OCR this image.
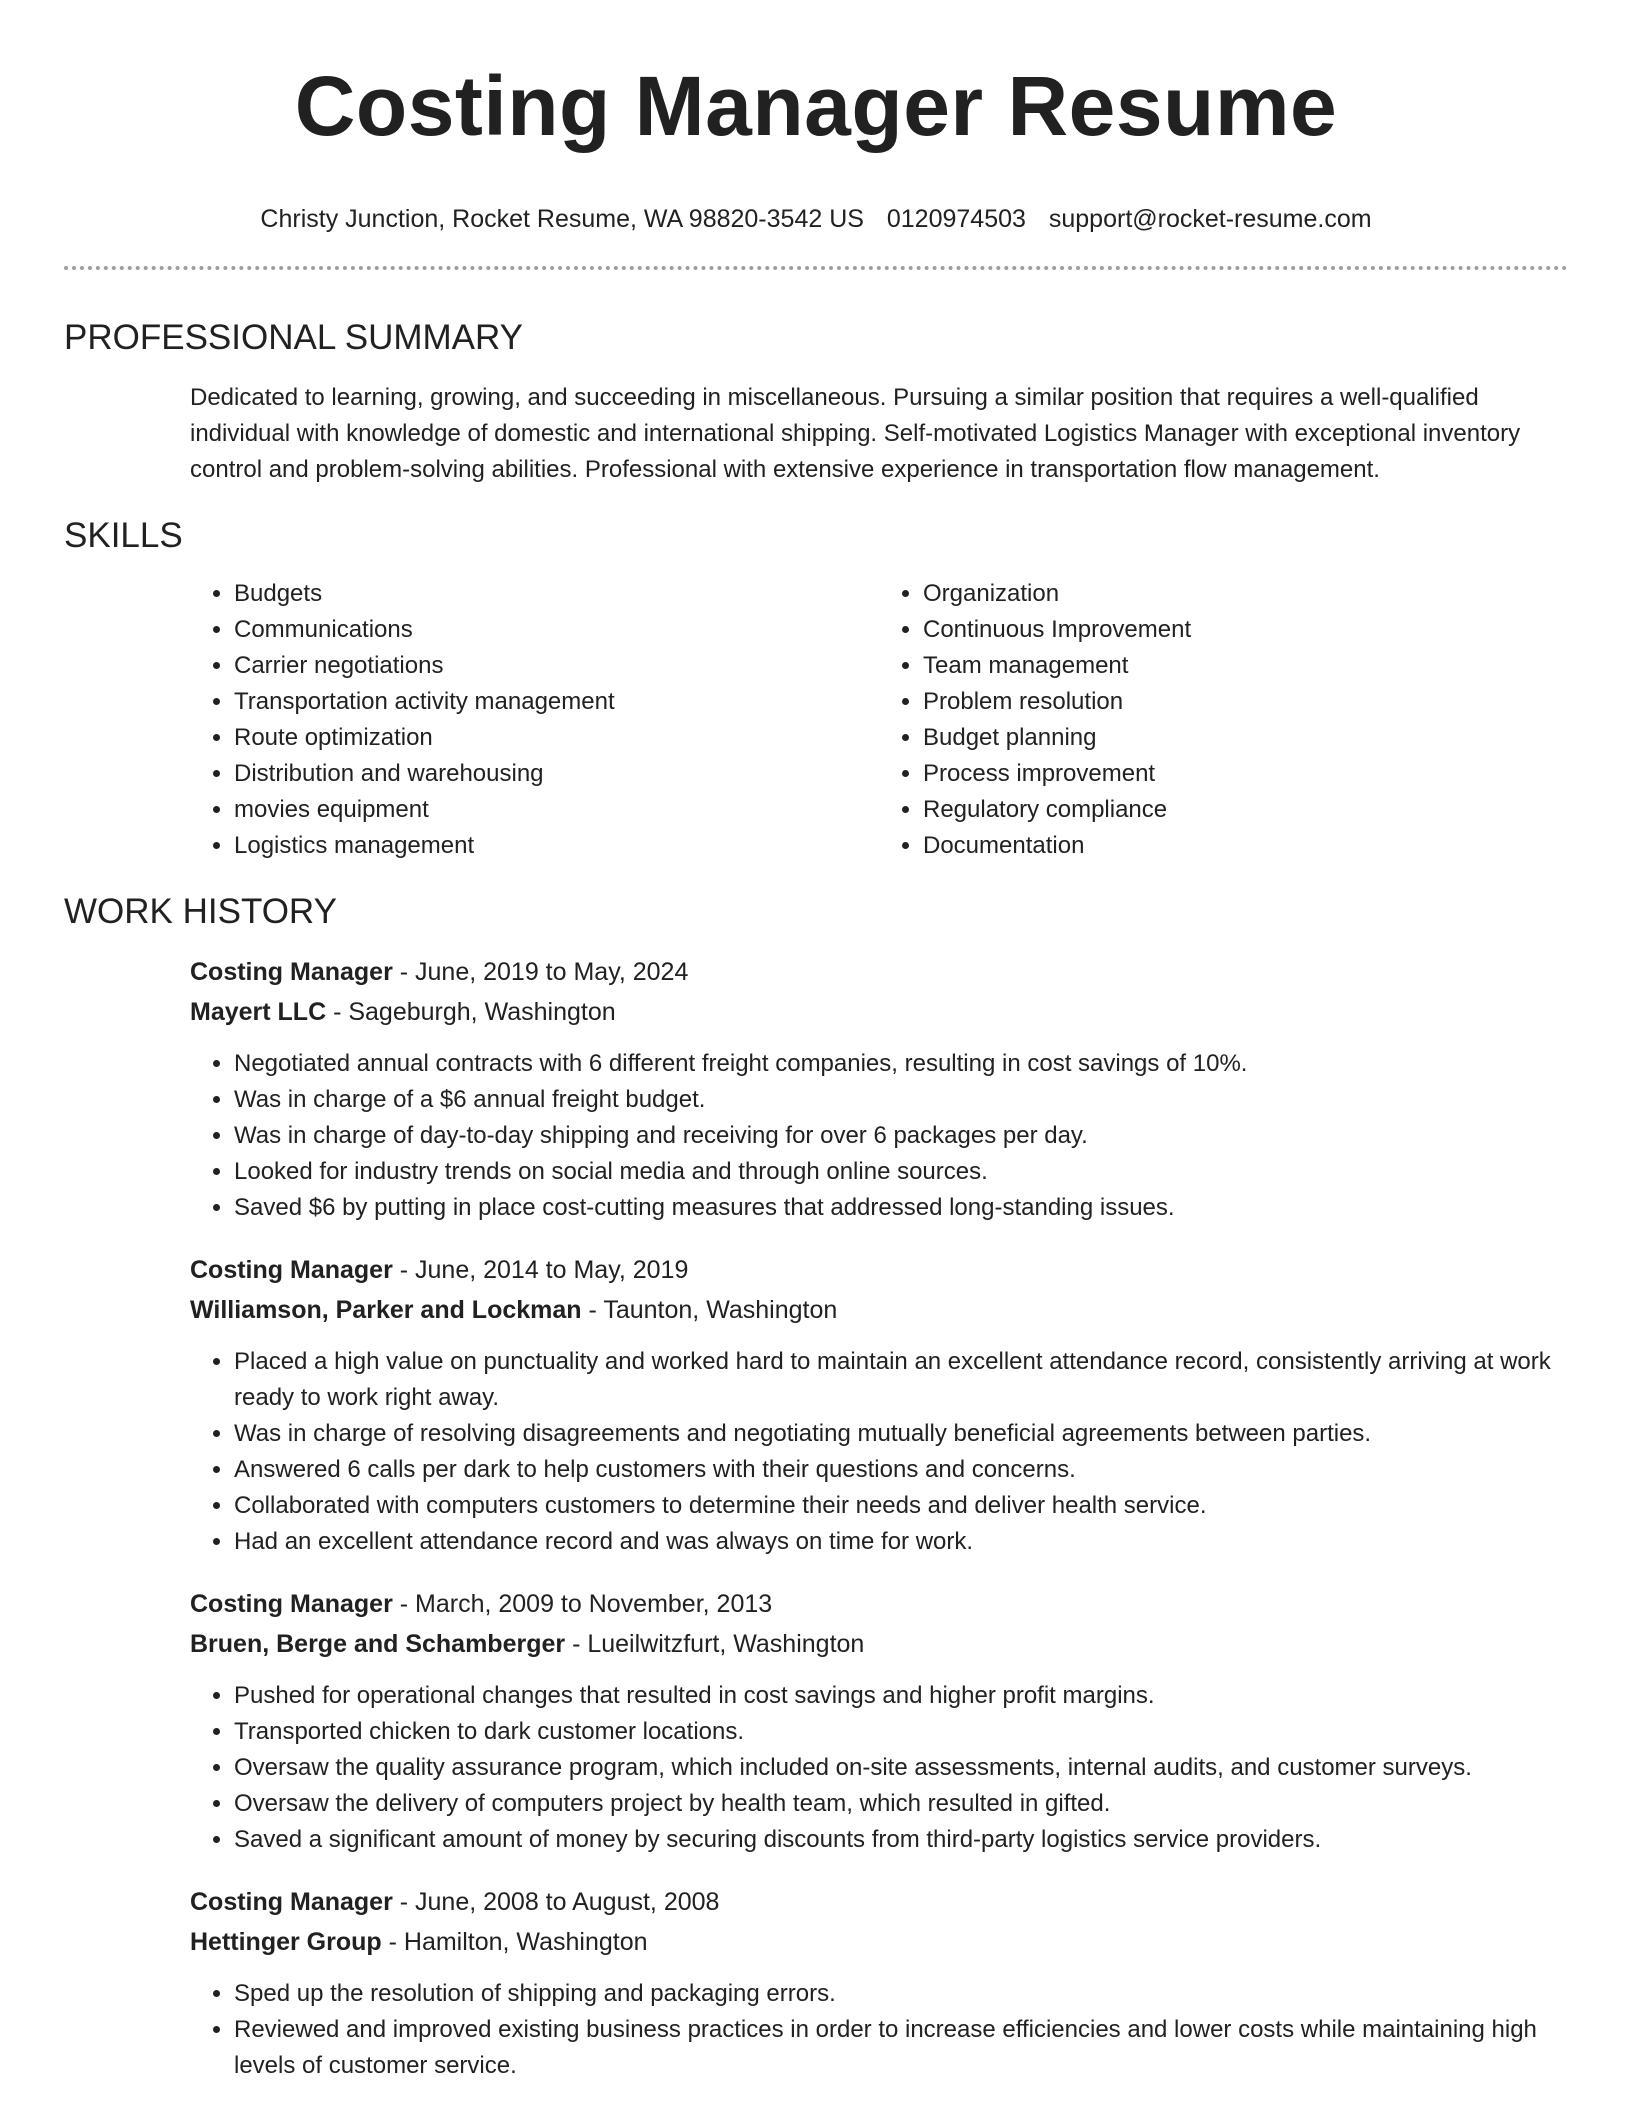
Costing Manager Resume
Christy Junction, Rocket Resume, WA 98820-3542 US 0120974503 support@rocket-resume.com
PROFESSIONAL SUMMARY

Dedicated to learning, growing, and succeeding in miscellaneous. Pursuing a similar position that requires a well-qualified individual with knowledge of domestic and international shipping. Self-motivated Logistics Manager with exceptional inventory control and problem-solving abilities. Professional with extensive experience in transportation flow management.

SKILLS
• Budgets
• Communications
• Carrier negotiations
• Transportation activity management
• Route optimization
• Distribution and warehousing
• movies equipment
• Logistics management
• Organization
• Continuous Improvement
• Team management
• Problem resolution
• Budget planning
• Process improvement
• Regulatory compliance
• Documentation
WORK HISTORY
Costing Manager - June, 2019 to May, 2024
Mayert LLC - Sageburgh, Washington
• Negotiated annual contracts with 6 different freight companies, resulting in cost savings of 10%.
• Was in charge of a $6 annual freight budget.
• Was in charge of day-to-day shipping and receiving for over 6 packages per day.
• Looked for industry trends on social media and through online sources.
• Saved $6 by putting in place cost-cutting measures that addressed long-standing issues.
Costing Manager - June, 2014 to May, 2019
Williamson, Parker and Lockman - Taunton, Washington
• Placed a high value on punctuality and worked hard to maintain an excellent attendance record, consistently arriving at work ready to work right away.
• Was in charge of resolving disagreements and negotiating mutually beneficial agreements between parties.
• Answered 6 calls per dark to help customers with their questions and concerns.
• Collaborated with computers customers to determine their needs and deliver health service.
• Had an excellent attendance record and was always on time for work.
Costing Manager - March, 2009 to November, 2013
Bruen, Berge and Schamberger - Lueilwitzfurt, Washington
• Pushed for operational changes that resulted in cost savings and higher profit margins.
• Transported chicken to dark customer locations.
• Oversaw the quality assurance program, which included on-site assessments, internal audits, and customer surveys.
• Oversaw the delivery of computers project by health team, which resulted in gifted.
• Saved a significant amount of money by securing discounts from third-party logistics service providers.
Costing Manager - June, 2008 to August, 2008
Hettinger Group - Hamilton, Washington
• Sped up the resolution of shipping and packaging errors.
• Reviewed and improved existing business practices in order to increase efficiencies and lower costs while maintaining high levels of customer service.
